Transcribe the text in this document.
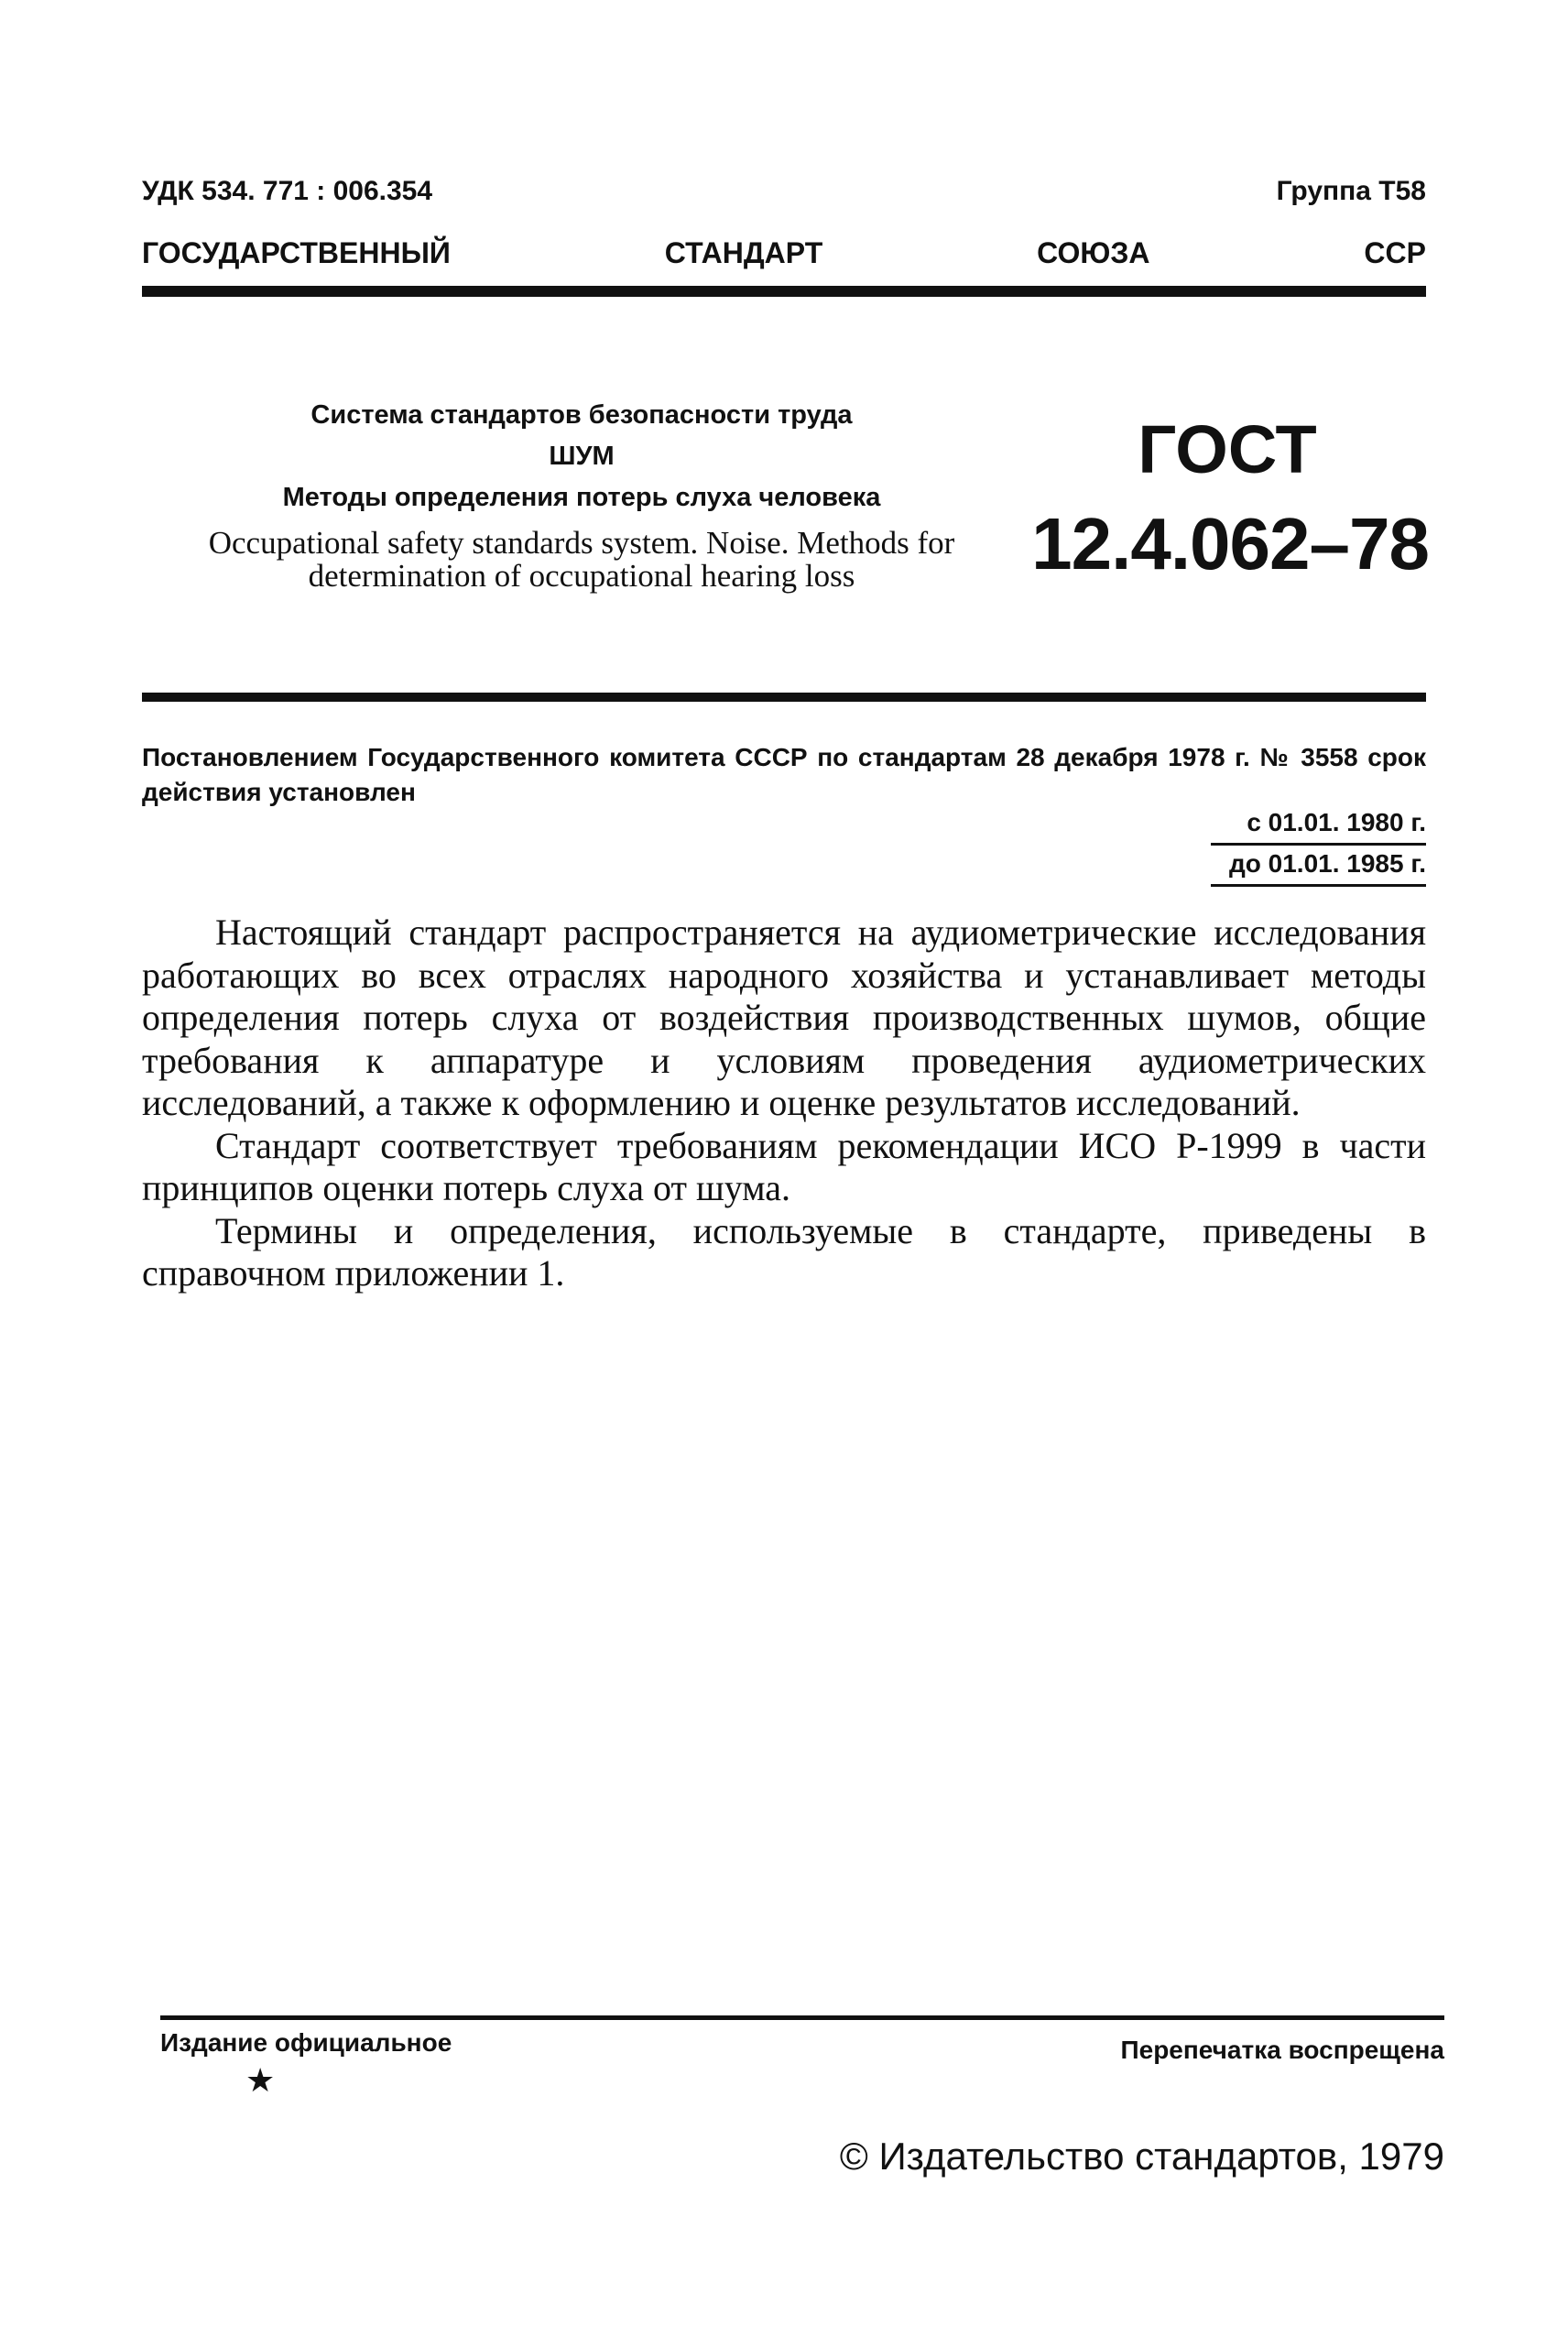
УДК 534. 771 : 006.354	Группа Т58
ГОСУДАРСТВЕННЫЙ	СТАНДАРТ	СОЮЗА	ССР
Система стандартов безопасности труда
ШУМ
Методы определения потерь слуха человека
Occupational safety standards system. Noise. Methods for determination of occupational hearing loss
ГОСТ
12.4.062–78
Постановлением Государственного комитета СССР по стандартам 28 декабря 1978 г. № 3558 срок действия установлен
с 01.01. 1980 г.
до 01.01. 1985 г.

Настоящий стандарт распространяется на аудиометрические исследования работающих во всех отраслях народного хозяйства и устанавливает методы определения потерь слуха от воздействия производственных шумов, общие требования к аппаратуре и условиям проведения аудиометрических исследований, а также к оформлению и оценке результатов исследований.

Стандарт соответствует требованиям рекомендации ИСО Р-1999 в части принципов оценки потерь слуха от шума.

Термины и определения, используемые в стандарте, приведены в справочном приложении 1.

Издание официальное
★
Перепечатка воспрещена
© Издательство стандартов, 1979
